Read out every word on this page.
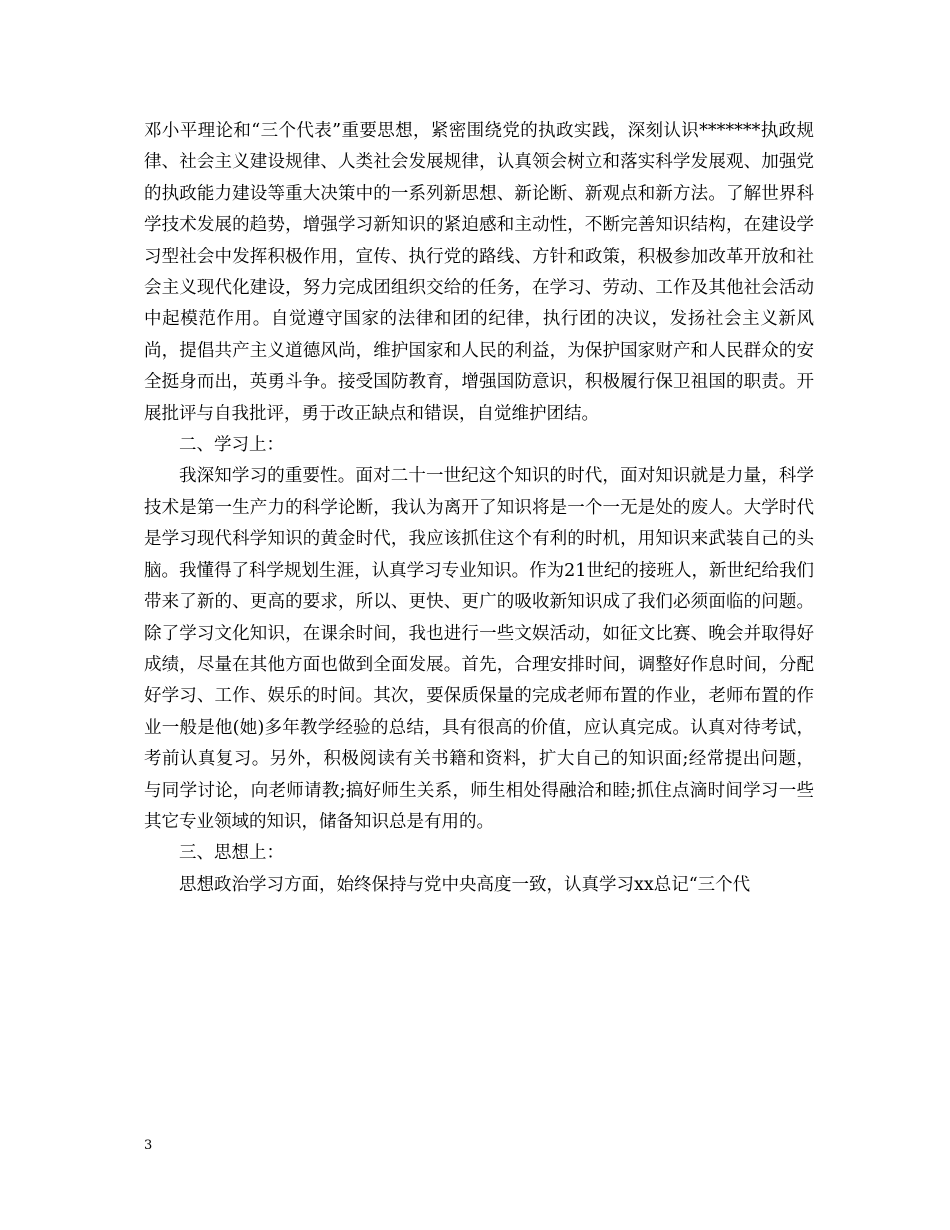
邓小平理论和“三个代表”重要思想，紧密围绕党的执政实践，深刻认识*******执政规律、社会主义建设规律、人类社会发展规律，认真领会树立和落实科学发展观、加强党的执政能力建设等重大决策中的一系列新思想、新论断、新观点和新方法。了解世界科学技术发展的趋势，增强学习新知识的紧迫感和主动性，不断完善知识结构，在建设学习型社会中发挥积极作用，宣传、执行党的路线、方针和政策，积极参加改革开放和社会主义现代化建设，努力完成团组织交给的任务，在学习、劳动、工作及其他社会活动中起模范作用。自觉遵守国家的法律和团的纪律，执行团的决议，发扬社会主义新风尚，提倡共产主义道德风尚，维护国家和人民的利益，为保护国家财产和人民群众的安全挺身而出，英勇斗争。接受国防教育，增强国防意识，积极履行保卫祖国的职责。开展批评与自我批评，勇于改正缺点和错误，自觉维护团结。

二、学习上：

我深知学习的重要性。面对二十一世纪这个知识的时代，面对知识就是力量，科学技术是第一生产力的科学论断，我认为离开了知识将是一个一无是处的废人。大学时代是学习现代科学知识的黄金时代，我应该抓住这个有利的时机，用知识来武装自己的头脑。我懂得了科学规划生涯，认真学习专业知识。作为21世纪的接班人，新世纪给我们带来了新的、更高的要求，所以、更快、更广的吸收新知识成了我们必须面临的问题。除了学习文化知识，在课余时间，我也进行一些文娱活动，如征文比赛、晚会并取得好成绩，尽量在其他方面也做到全面发展。首先，合理安排时间，调整好作息时间，分配好学习、工作、娱乐的时间。其次，要保质保量的完成老师布置的作业，老师布置的作业一般是他(她)多年教学经验的总结，具有很高的价值，应认真完成。认真对待考试，考前认真复习。另外，积极阅读有关书籍和资料，扩大自己的知识面;经常提出问题，与同学讨论，向老师请教;搞好师生关系，师生相处得融洽和睦;抓住点滴时间学习一些其它专业领域的知识，储备知识总是有用的。

三、思想上：

思想政治学习方面，始终保持与党中央高度一致，认真学习xx总记“三个代

3
